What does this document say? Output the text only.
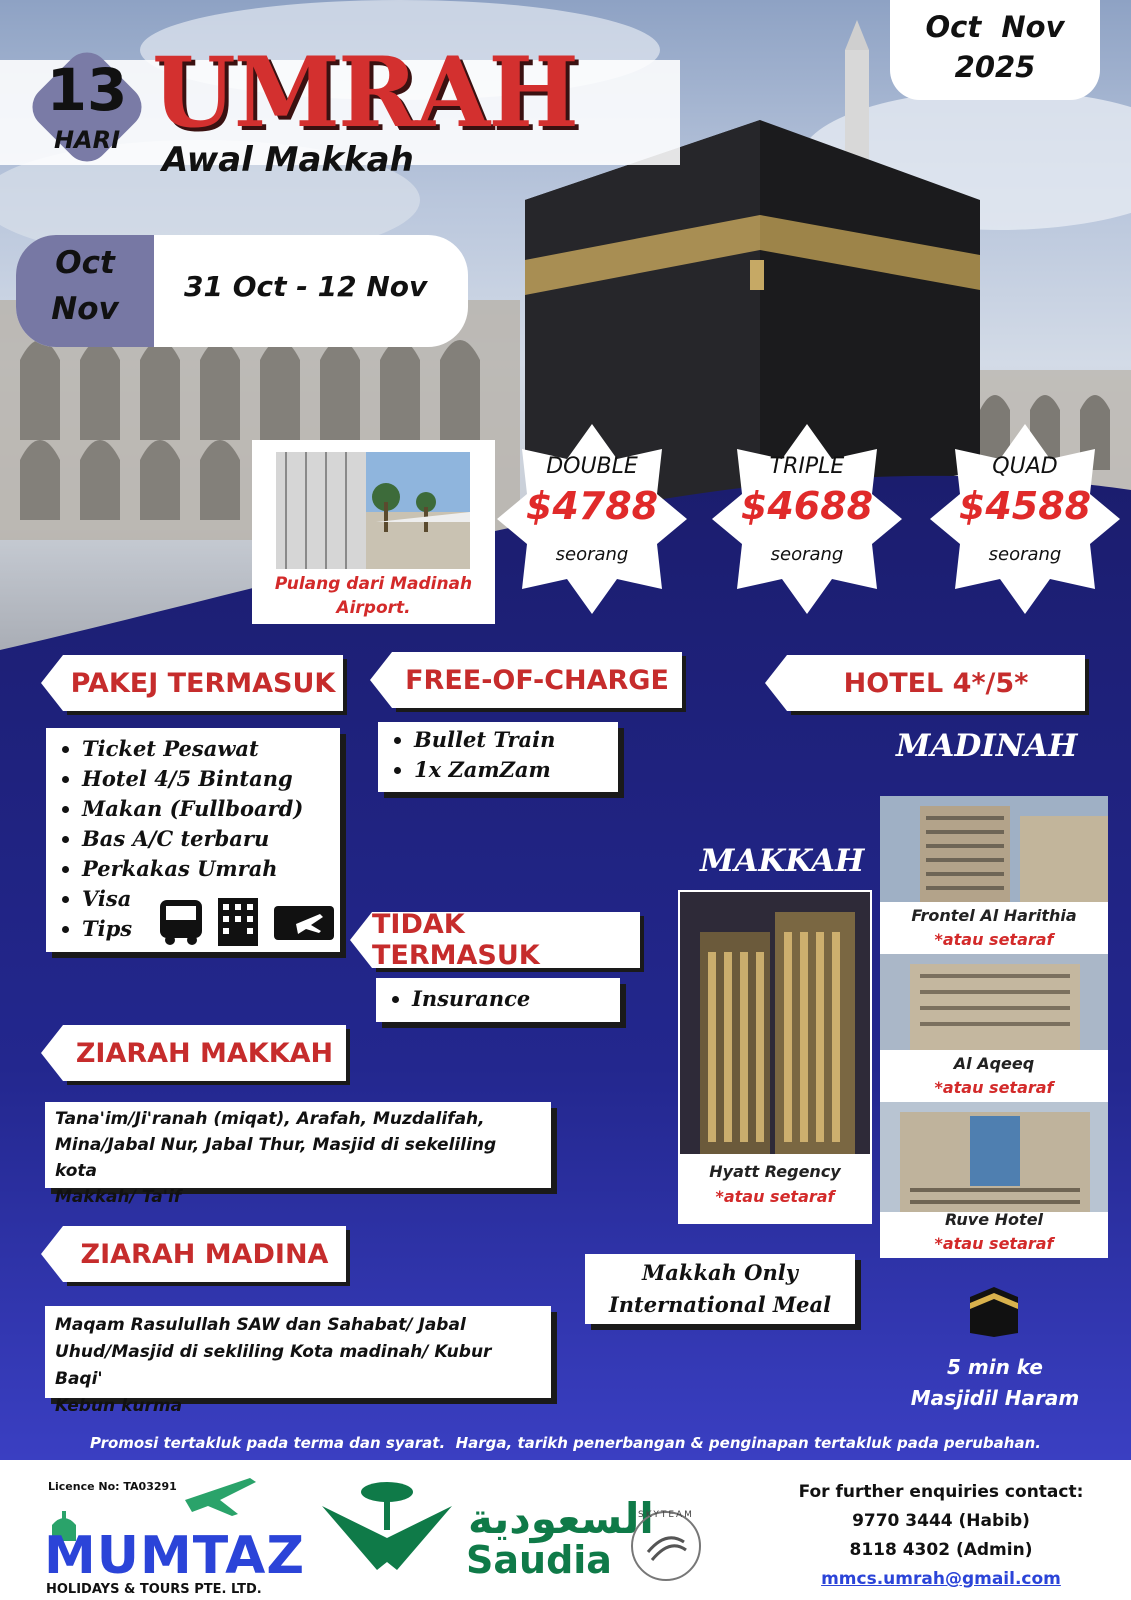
13
HARI UMRAH
Awal Makkah
Oct  Nov
2025
Oct
Nov
31 Oct - 12 Nov
Pulang dari Madinah
Airport.
DOUBLE
$4788
seorang
TRIPLE
$4688
seorang
QUAD
$4588
seorang
PAKEJ TERMASUK	FREE-OF-CHARGE	HOTEL 4*/5*
• Ticket Pesawat
• Hotel 4/5 Bintang
• Makan (Fullboard)
• Bas A/C terbaru
• Perkakas Umrah
• Visa
• Tips
• Bullet Train
• 1x ZamZam
TIDAK TERMASUK
• Insurance
ZIARAH MAKKAH
Tana'im/Ji'ranah (miqat), Arafah, Muzdalifah,
Mina/Jabal Nur, Jabal Thur, Masjid di sekeliling kota
Makkah/ Ta'if
ZIARAH MADINA
Maqam Rasulullah SAW dan Sahabat/ Jabal
Uhud/Masjid di sekliling Kota madinah/ Kubur Baqi'
Kebun kurma
MADINAH
MAKKAH
Hyatt Regency
*atau setaraf
Frontel Al Harithia
*atau setaraf
Al Aqeeq
*atau setaraf
Ruve Hotel
*atau setaraf
Makkah Only
International Meal
5 min ke
Masjidil Haram
Promosi tertakluk pada terma dan syarat.  Harga, tarikh penerbangan & penginapan tertakluk pada perubahan.
Licence No: TA03291
MUMTAZ
HOLIDAYS & TOURS PTE. LTD.
السعودية
Saudia
SKYTEAM
For further enquiries contact:
9770 3444 (Habib)
8118 4302 (Admin)
mmcs.umrah@gmail.com
